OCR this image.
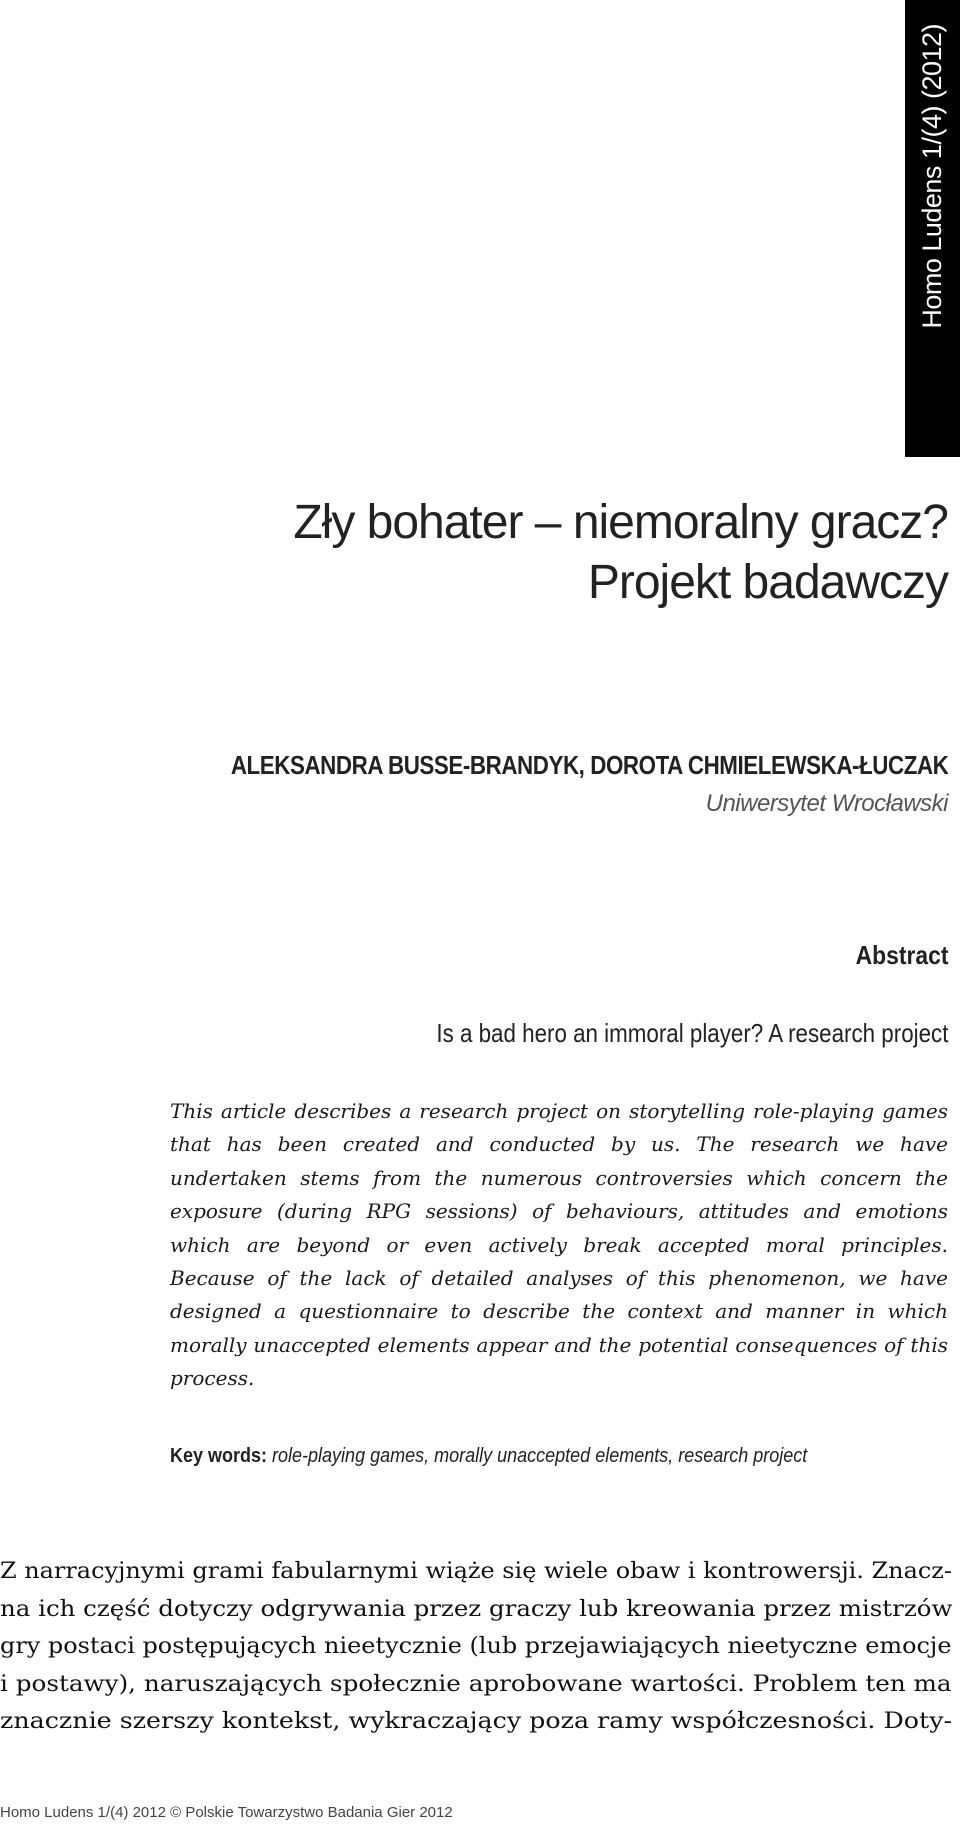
Homo Ludens 1/(4) (2012)
Zły bohater – niemoralny gracz?
Projekt badawczy
ALEKSANDRA BUSSE-BRANDYK, DOROTA CHMIELEWSKA-ŁUCZAK
Uniwersytet Wrocławski
Abstract
Is a bad hero an immoral player? A research project
This article describes a research project on storytelling role-playing games that has been created and conducted by us. The research we have undertaken stems from the numerous controversies which concern the exposure (during RPG sessions) of behaviours, attitudes and emotions which are beyond or even actively break accepted moral principles. Because of the lack of detailed analyses of this phenomenon, we have designed a questionnaire to describe the context and manner in which morally unaccepted elements appear and the potential consequences of this process.
Key words: role-playing games, morally unaccepted elements, research project
Z narracyjnymi grami fabularnymi wiąże się wiele obaw i kontrowersji. Znacz-
na ich część dotyczy odgrywania przez graczy lub kreowania przez mistrzów
gry postaci postępujących nieetycznie (lub przejawiających nieetyczne emocje
i postawy), naruszających społecznie aprobowane wartości. Problem ten ma
znacznie szerszy kontekst, wykraczający poza ramy współczesności. Doty-
Homo Ludens 1/(4) 2012 © Polskie Towarzystwo Badania Gier 2012
